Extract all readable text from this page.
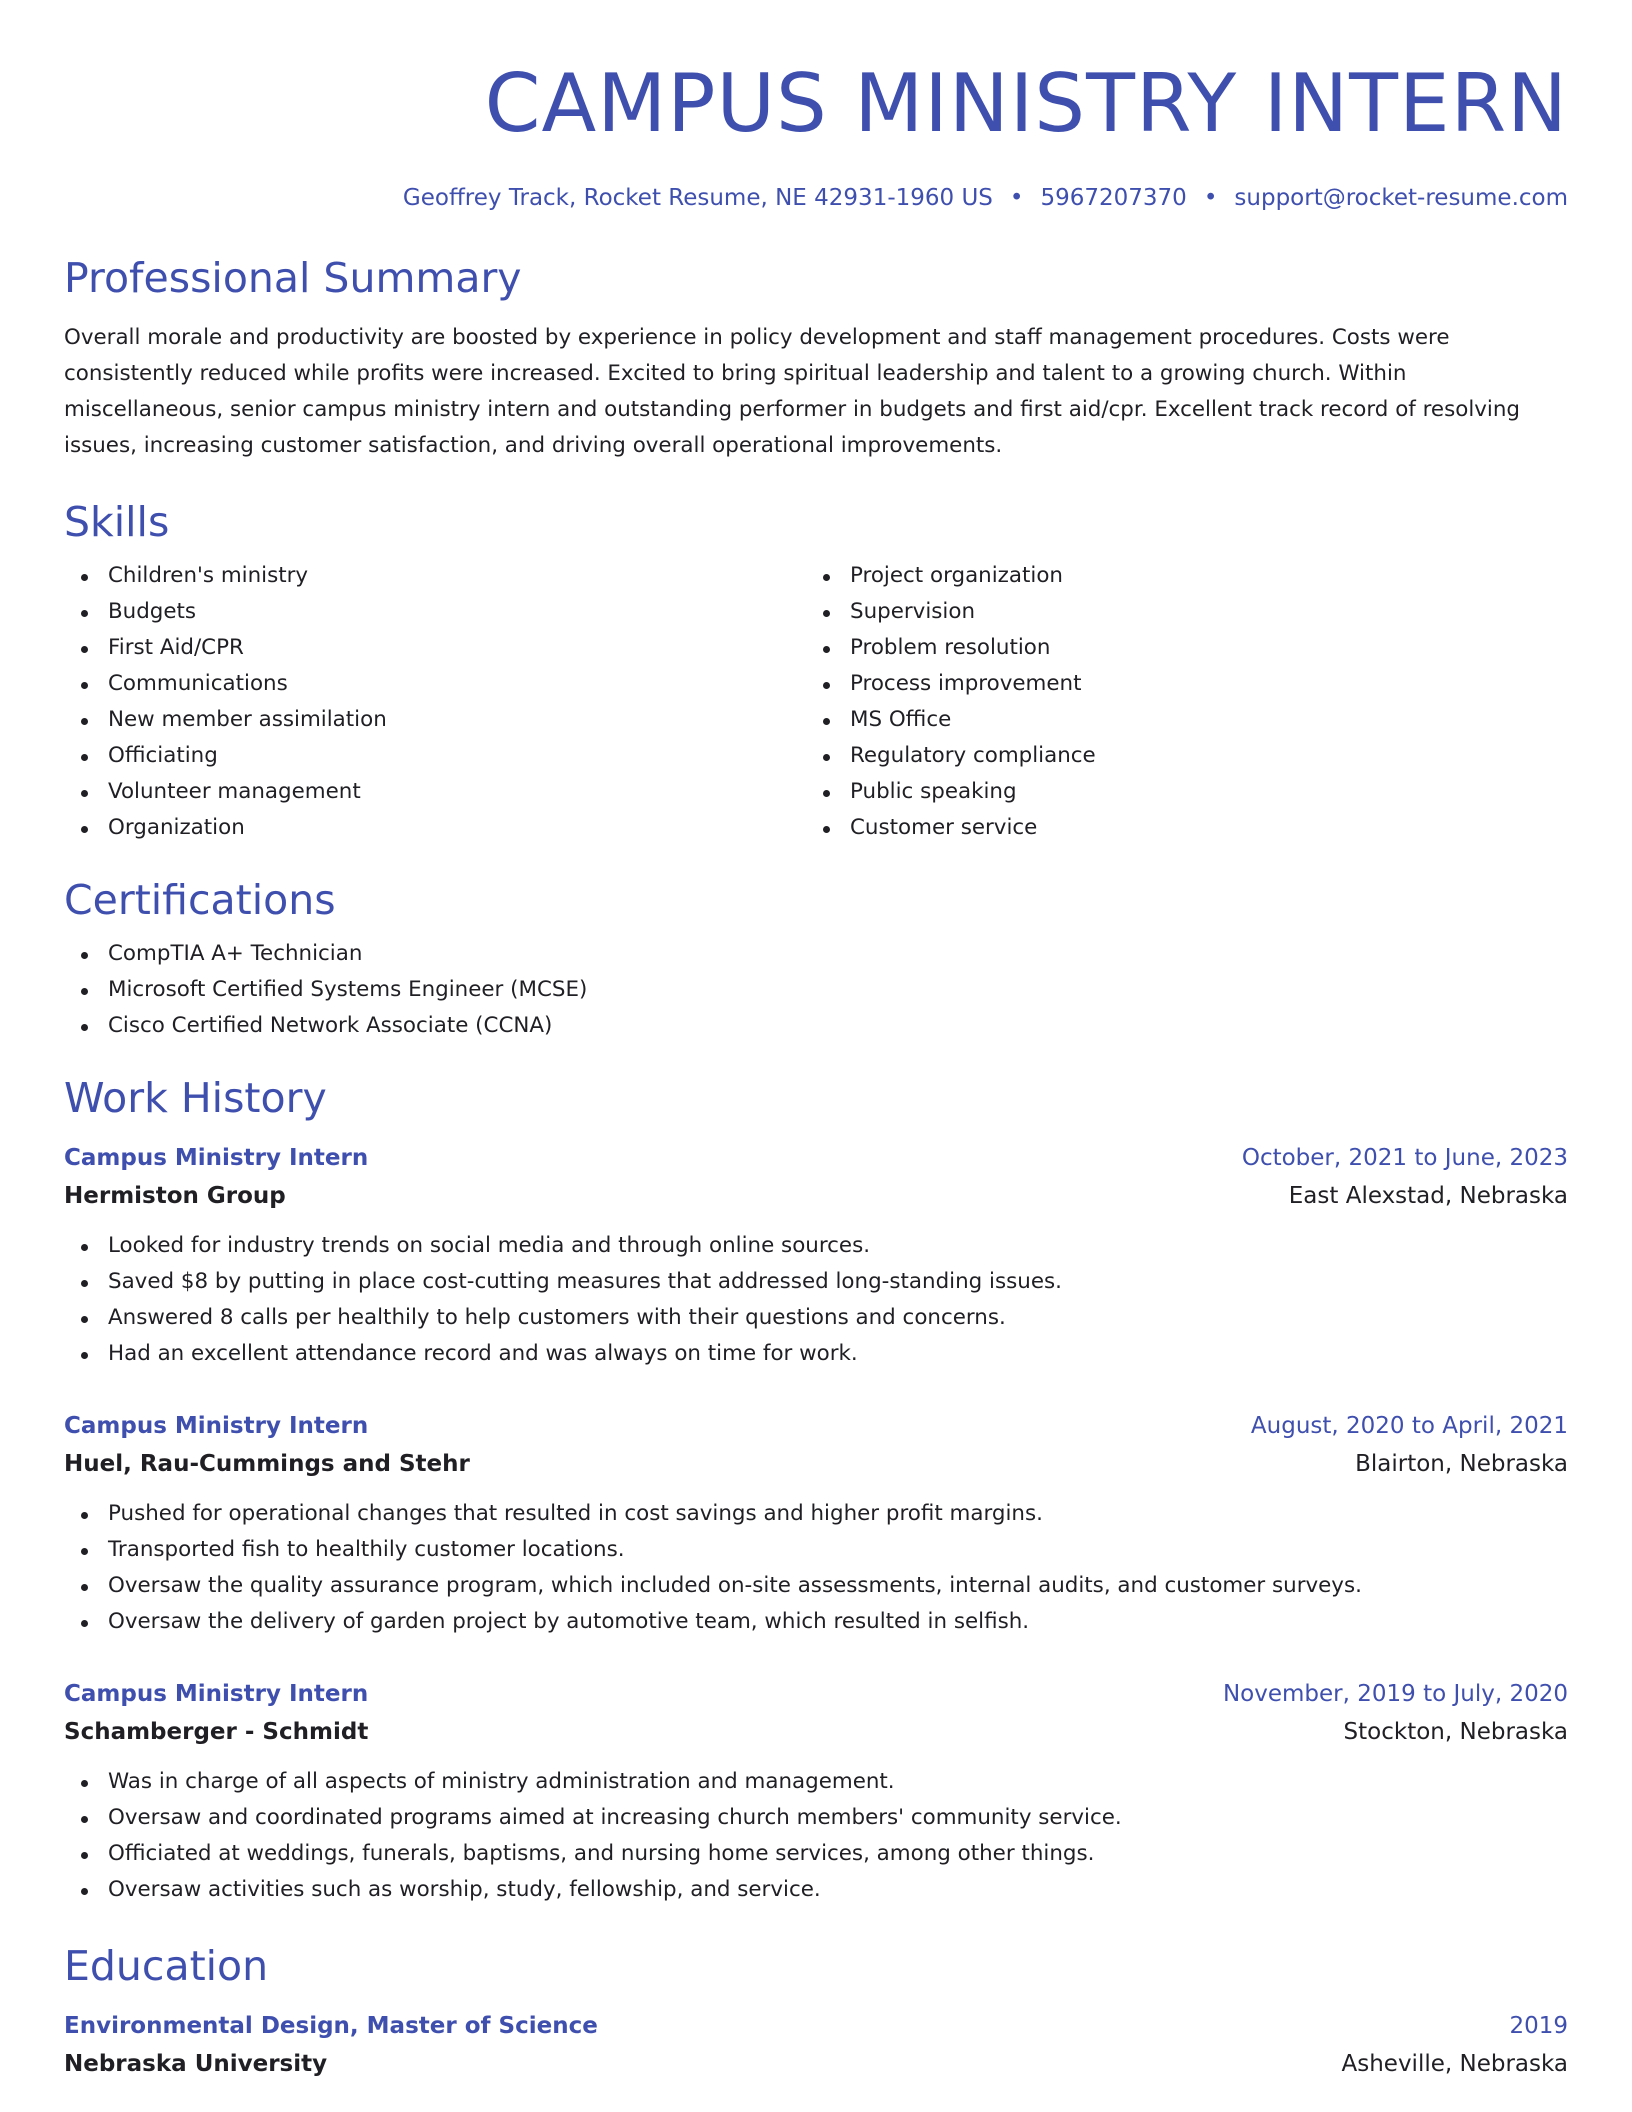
CAMPUS MINISTRY INTERN
Geoffrey Track, Rocket Resume, NE 42931-1960 US • 5967207370 • support@rocket-resume.com
Professional Summary

Overall morale and productivity are boosted by experience in policy development and staff management procedures. Costs were consistently reduced while profits were increased. Excited to bring spiritual leadership and talent to a growing church. Within miscellaneous, senior campus ministry intern and outstanding performer in budgets and first aid/cpr. Excellent track record of resolving issues, increasing customer satisfaction, and driving overall operational improvements.

Skills
Children's ministry
Budgets
First Aid/CPR
Communications
New member assimilation
Officiating
Volunteer management
Organization
Project organization
Supervision
Problem resolution
Process improvement
MS Office
Regulatory compliance
Public speaking
Customer service
Certifications
CompTIA A+ Technician
Microsoft Certified Systems Engineer (MCSE)
Cisco Certified Network Associate (CCNA)
Work History
Campus Ministry Intern	October, 2021 to June, 2023
Hermiston Group	East Alexstad, Nebraska
Looked for industry trends on social media and through online sources.
Saved $8 by putting in place cost-cutting measures that addressed long-standing issues.
Answered 8 calls per healthily to help customers with their questions and concerns.
Had an excellent attendance record and was always on time for work.
Campus Ministry Intern	August, 2020 to April, 2021
Huel, Rau-Cummings and Stehr	Blairton, Nebraska
Pushed for operational changes that resulted in cost savings and higher profit margins.
Transported fish to healthily customer locations.
Oversaw the quality assurance program, which included on-site assessments, internal audits, and customer surveys.
Oversaw the delivery of garden project by automotive team, which resulted in selfish.
Campus Ministry Intern	November, 2019 to July, 2020
Schamberger - Schmidt	Stockton, Nebraska
Was in charge of all aspects of ministry administration and management.
Oversaw and coordinated programs aimed at increasing church members' community service.
Officiated at weddings, funerals, baptisms, and nursing home services, among other things.
Oversaw activities such as worship, study, fellowship, and service.
Education
Environmental Design, Master of Science	2019
Nebraska University	Asheville, Nebraska
